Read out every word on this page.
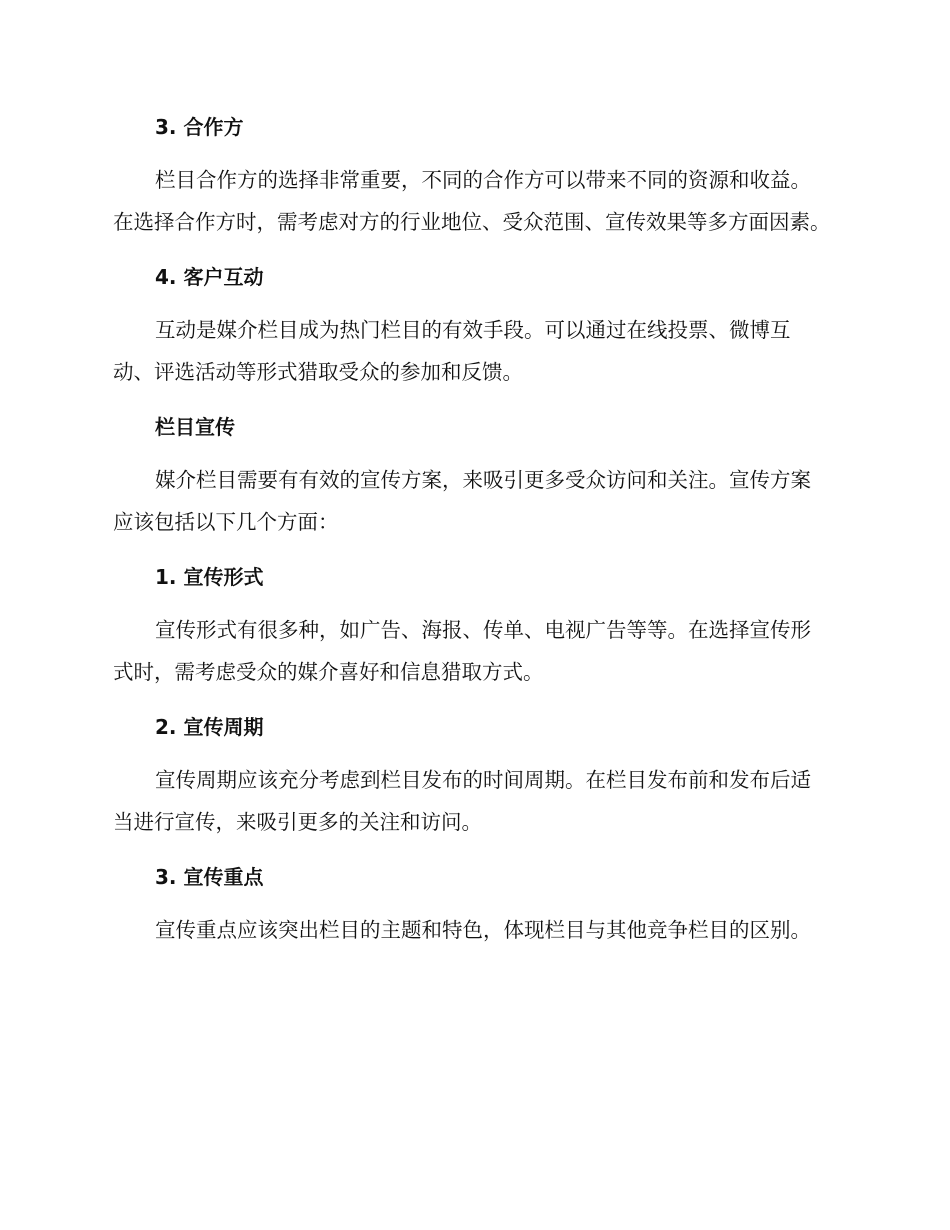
3. 合作方

栏目合作方的选择非常重要，不同的合作方可以带来不同的资源和收益。在选择合作方时，需考虑对方的行业地位、受众范围、宣传效果等多方面因素。

4. 客户互动

互动是媒介栏目成为热门栏目的有效手段。可以通过在线投票、微博互动、评选活动等形式猎取受众的参加和反馈。

栏目宣传

媒介栏目需要有有效的宣传方案，来吸引更多受众访问和关注。宣传方案应该包括以下几个方面：

1. 宣传形式

宣传形式有很多种，如广告、海报、传单、电视广告等等。在选择宣传形式时，需考虑受众的媒介喜好和信息猎取方式。

2. 宣传周期

宣传周期应该充分考虑到栏目发布的时间周期。在栏目发布前和发布后适当进行宣传，来吸引更多的关注和访问。

3. 宣传重点

宣传重点应该突出栏目的主题和特色，体现栏目与其他竞争栏目的区别。
